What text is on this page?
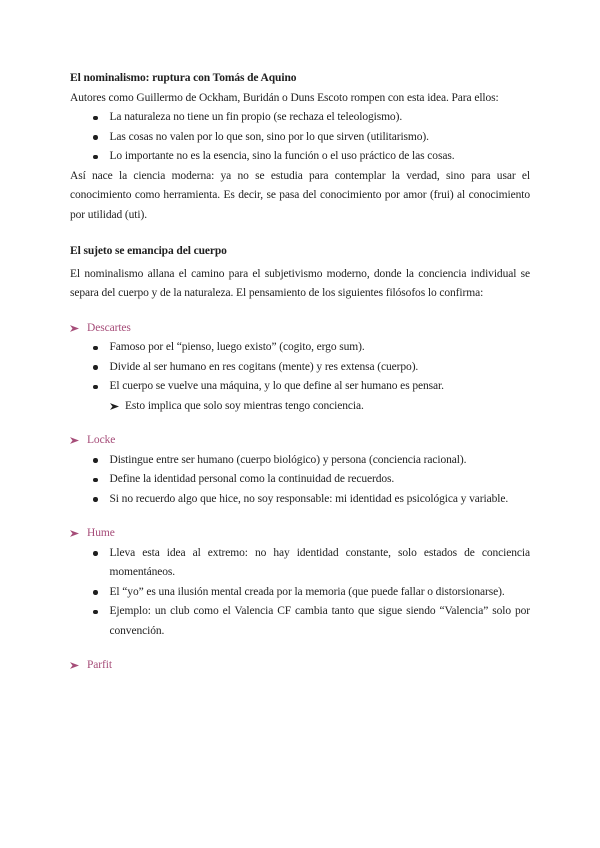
El nominalismo: ruptura con Tomás de Aquino

Autores como Guillermo de Ockham, Buridán o Duns Escoto rompen con esta idea. Para ellos:

La naturaleza no tiene un fin propio (se rechaza el teleologismo).
Las cosas no valen por lo que son, sino por lo que sirven (utilitarismo).
Lo importante no es la esencia, sino la función o el uso práctico de las cosas.

Así nace la ciencia moderna: ya no se estudia para contemplar la verdad, sino para usar el conocimiento como herramienta. Es decir, se pasa del conocimiento por amor (frui) al conocimiento por utilidad (uti).

El sujeto se emancipa del cuerpo

El nominalismo allana el camino para el subjetivismo moderno, donde la conciencia individual se separa del cuerpo y de la naturaleza. El pensamiento de los siguientes filósofos lo confirma:

Descartes
Famoso por el “pienso, luego existo” (cogito, ergo sum).
Divide al ser humano en res cogitans (mente) y res extensa (cuerpo).
El cuerpo se vuelve una máquina, y lo que define al ser humano es pensar.
Esto implica que solo soy mientras tengo conciencia.
Locke
Distingue entre ser humano (cuerpo biológico) y persona (conciencia racional).
Define la identidad personal como la continuidad de recuerdos.
Si no recuerdo algo que hice, no soy responsable: mi identidad es psicológica y variable.
Hume
Lleva esta idea al extremo: no hay identidad constante, solo estados de conciencia momentáneos.
El “yo” es una ilusión mental creada por la memoria (que puede fallar o distorsionarse).
Ejemplo: un club como el Valencia CF cambia tanto que sigue siendo “Valencia” solo por convención.
Parfit
